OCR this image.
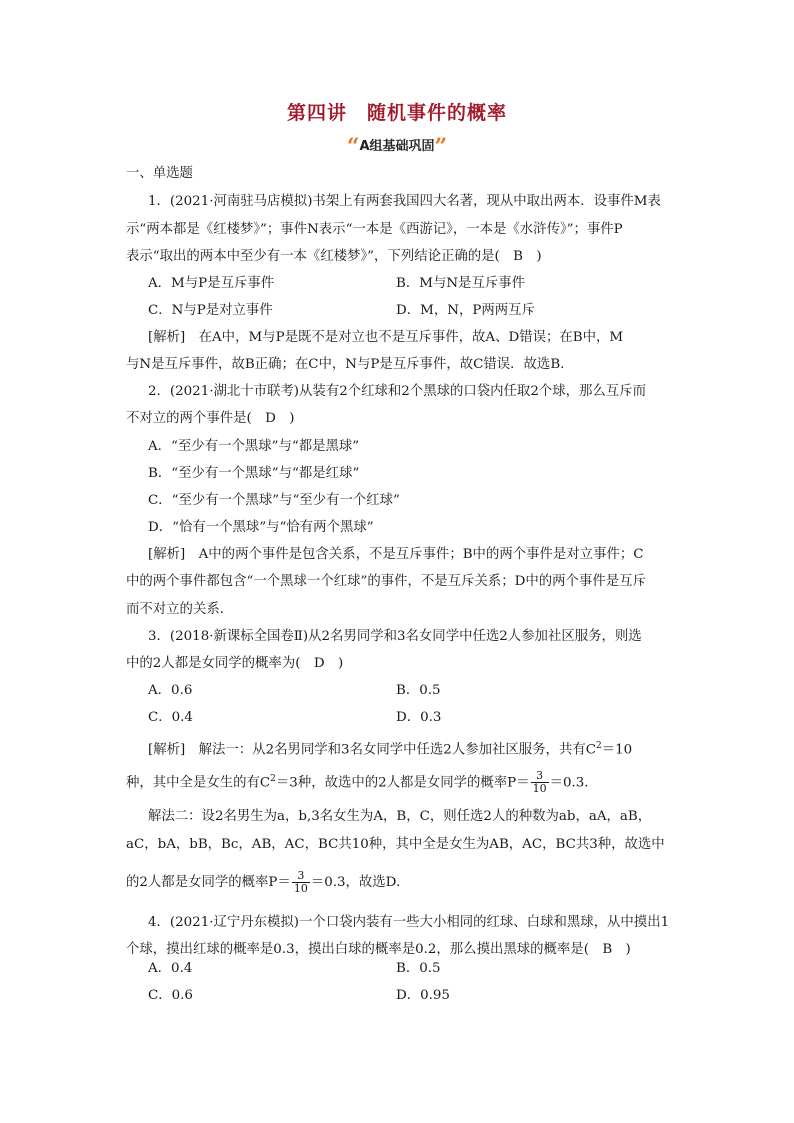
第四讲　随机事件的概率
“A组基础巩固”
一、单选题
1．(2021·河南驻马店模拟)书架上有两套我国四大名著，现从中取出两本．设事件M表
示“两本都是《红楼梦》”；事件N表示“一本是《西游记》，一本是《水浒传》”；事件P
表示“取出的两本中至少有一本《红楼梦》”，下列结论正确的是(　B　)
A．M与P是互斥事件	B．M与N是互斥事件
C．N与P是对立事件	D．M，N，P两两互斥
[解析]　在A中，M与P是既不是对立也不是互斥事件，故A、D错误；在B中，M
与N是互斥事件，故B正确；在C中，N与P是互斥事件，故C错误．故选B.
2．(2021·湖北十市联考)从装有2个红球和2个黑球的口袋内任取2个球，那么互斥而
不对立的两个事件是(　D　)
A．“至少有一个黑球”与“都是黑球”
B．“至少有一个黑球”与“都是红球”
C．“至少有一个黑球”与“至少有一个红球”
D．“恰有一个黑球”与“恰有两个黑球”
[解析]　A中的两个事件是包含关系，不是互斥事件；B中的两个事件是对立事件；C
中的两个事件都包含“一个黑球一个红球”的事件，不是互斥关系；D中的两个事件是互斥
而不对立的关系．
3．(2018·新课标全国卷Ⅱ)从2名男同学和3名女同学中任选2人参加社区服务，则选
中的2人都是女同学的概率为(　D　)
A．0.6	B．0.5
C．0.4	D．0.3
[解析]　解法一：从2名男同学和3名女同学中任选2人参加社区服务，共有$C^2=10$
种，其中全是女生的有$C^2=3$种，故选中的2人都是女同学的概率$P= \frac{3}{10} =0.3$.
解法二：设2名男生为a，b,3名女生为A，B，C，则任选2人的种数为ab，aA，aB，
aC，bA，bB，Bc，AB，AC，BC共10种，其中全是女生为AB，AC，BC共3种，故选中
的2人都是女同学的概率$P= \frac{3}{10} =0.3$，故选D.
4．(2021·辽宁丹东模拟)一个口袋内装有一些大小相同的红球、白球和黑球，从中摸出1
个球，摸出红球的概率是0.3，摸出白球的概率是0.2，那么摸出黑球的概率是(　B　)
A．0.4	B．0.5
C．0.6	D．0.95
